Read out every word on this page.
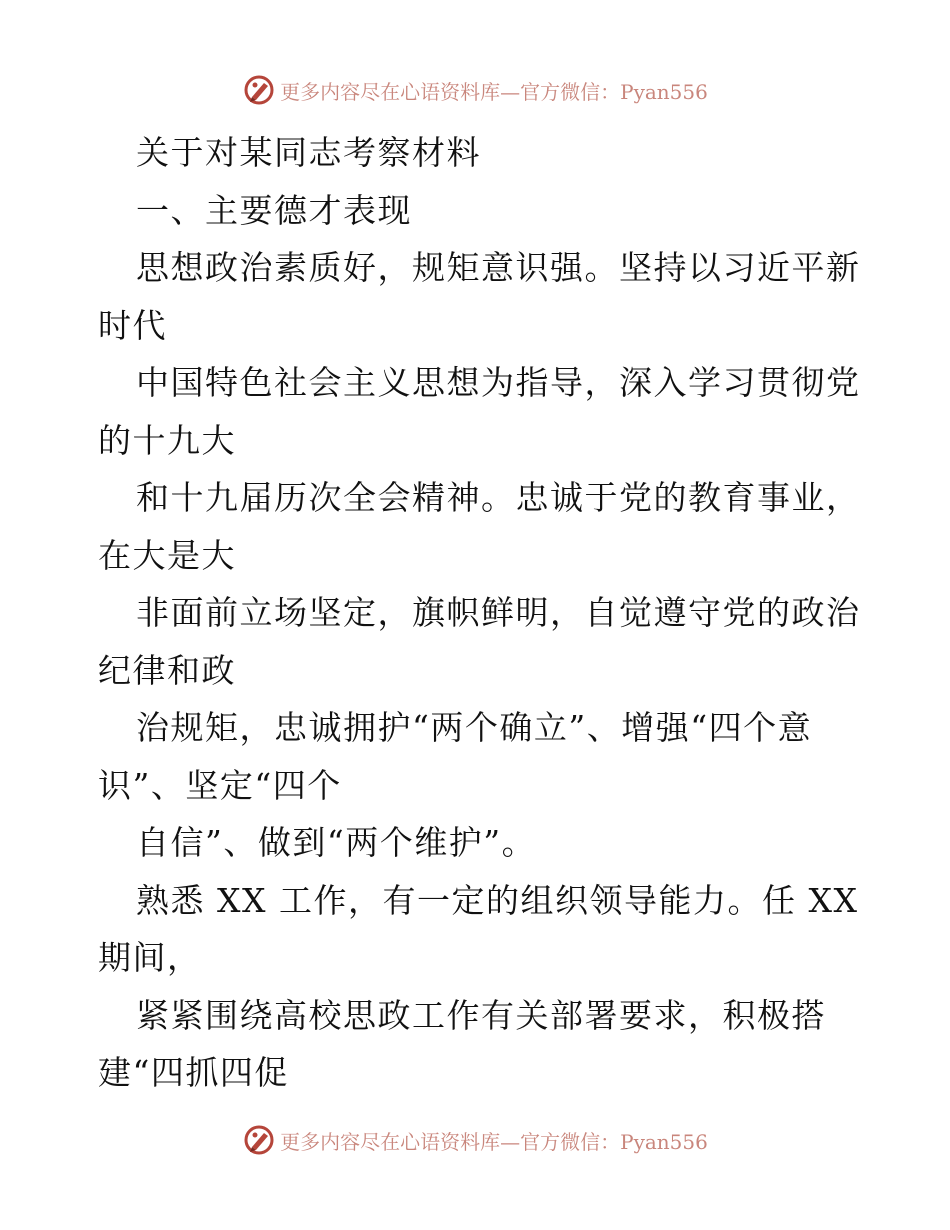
更多内容尽在心语资料库—官方微信：Pyan556

关于对某同志考察材料

一、主要德才表现

思想政治素质好，规矩意识强。坚持以习近平新

时代

中国特色社会主义思想为指导，深入学习贯彻党

的十九大

和十九届历次全会精神。忠诚于党的教育事业，

在大是大

非面前立场坚定，旗帜鲜明，自觉遵守党的政治

纪律和政

治规矩，忠诚拥护“两个确立”、增强“四个意

识”、坚定“四个

自信”、做到“两个维护”。

熟悉 XX 工作，有一定的组织领导能力。任 XX

期间，

紧紧围绕高校思政工作有关部署要求，积极搭

建“四抓四促

更多内容尽在心语资料库—官方微信：Pyan556
